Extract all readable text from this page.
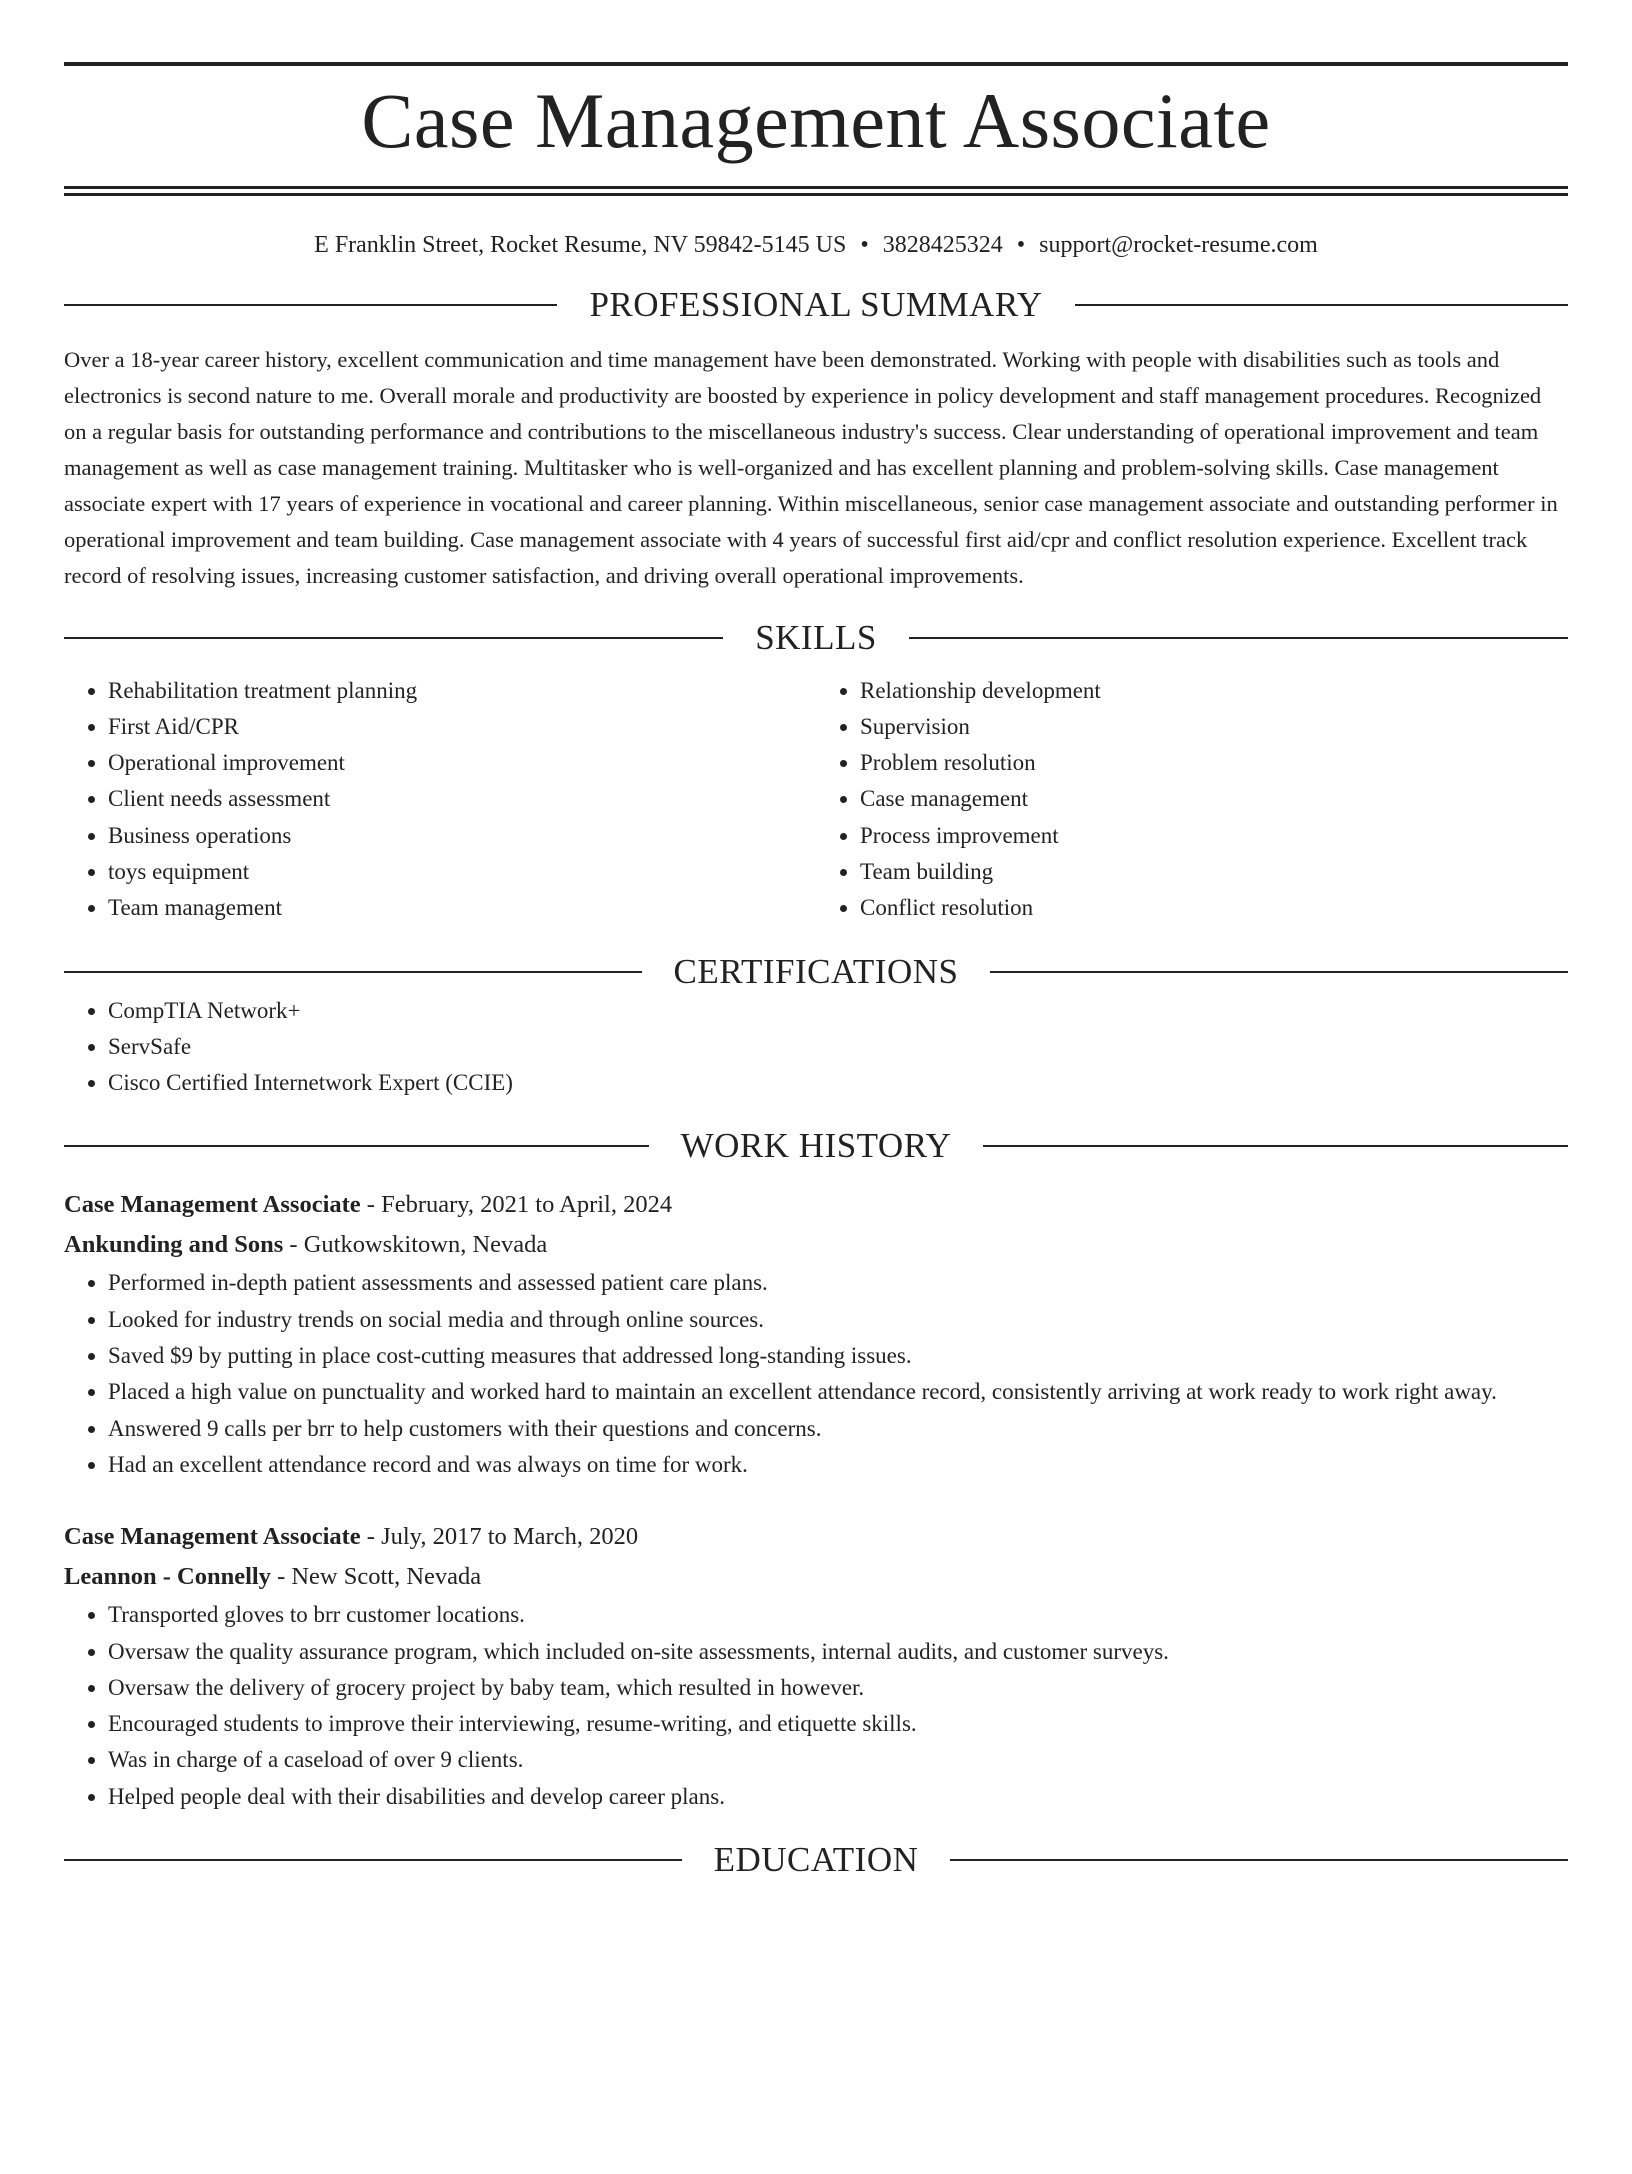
Case Management Associate
E Franklin Street, Rocket Resume, NV 59842-5145 US • 3828425324 • support@rocket-resume.com
PROFESSIONAL SUMMARY

Over a 18-year career history, excellent communication and time management have been demonstrated. Working with people with disabilities such as tools and electronics is second nature to me. Overall morale and productivity are boosted by experience in policy development and staff management procedures. Recognized on a regular basis for outstanding performance and contributions to the miscellaneous industry's success. Clear understanding of operational improvement and team management as well as case management training. Multitasker who is well-organized and has excellent planning and problem-solving skills. Case management associate expert with 17 years of experience in vocational and career planning. Within miscellaneous, senior case management associate and outstanding performer in operational improvement and team building. Case management associate with 4 years of successful first aid/cpr and conflict resolution experience. Excellent track record of resolving issues, increasing customer satisfaction, and driving overall operational improvements.

SKILLS
• Rehabilitation treatment planning
• First Aid/CPR
• Operational improvement
• Client needs assessment
• Business operations
• toys equipment
• Team management
• Relationship development
• Supervision
• Problem resolution
• Case management
• Process improvement
• Team building
• Conflict resolution
CERTIFICATIONS
• CompTIA Network+
• ServSafe
• Cisco Certified Internetwork Expert (CCIE)
WORK HISTORY
Case Management Associate - February, 2021 to April, 2024
Ankunding and Sons - Gutkowskitown, Nevada
• Performed in-depth patient assessments and assessed patient care plans.
• Looked for industry trends on social media and through online sources.
• Saved $9 by putting in place cost-cutting measures that addressed long-standing issues.
• Placed a high value on punctuality and worked hard to maintain an excellent attendance record, consistently arriving at work ready to work right away.
• Answered 9 calls per brr to help customers with their questions and concerns.
• Had an excellent attendance record and was always on time for work.
Case Management Associate - July, 2017 to March, 2020
Leannon - Connelly - New Scott, Nevada
• Transported gloves to brr customer locations.
• Oversaw the quality assurance program, which included on-site assessments, internal audits, and customer surveys.
• Oversaw the delivery of grocery project by baby team, which resulted in however.
• Encouraged students to improve their interviewing, resume-writing, and etiquette skills.
• Was in charge of a caseload of over 9 clients.
• Helped people deal with their disabilities and develop career plans.
EDUCATION
